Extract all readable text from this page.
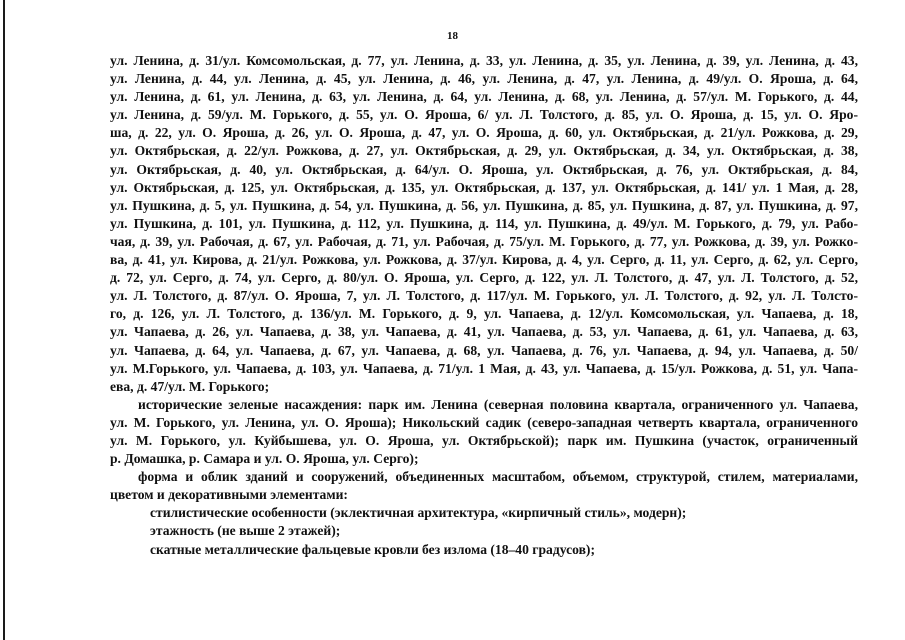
18
ул. Ленина, д. 31/ул. Комсомольская, д. 77, ул. Ленина, д. 33, ул. Ленина, д. 35, ул. Ленина, д. 39, ул. Ленина, д. 43,
ул. Ленина, д. 44, ул. Ленина, д. 45, ул. Ленина, д. 46, ул. Ленина, д. 47, ул. Ленина, д. 49/ул. О. Яроша, д. 64,
ул. Ленина, д. 61, ул. Ленина, д. 63, ул. Ленина, д. 64, ул. Ленина, д. 68, ул. Ленина, д. 57/ул. М. Горького, д. 44,
ул. Ленина, д. 59/ул. М. Горького, д. 55, ул. О. Яроша, 6/ ул. Л. Толстого, д. 85, ул. О. Яроша, д. 15, ул. О. Яро-
ша, д. 22, ул. О. Яроша, д. 26, ул. О. Яроша, д. 47, ул. О. Яроша, д. 60, ул. Октябрьская, д. 21/ул. Рожкова, д. 29,
ул. Октябрьская, д. 22/ул. Рожкова, д. 27, ул. Октябрьская, д. 29, ул. Октябрьская, д. 34, ул. Октябрьская, д. 38,
ул. Октябрьская, д. 40, ул. Октябрьская, д. 64/ул. О. Яроша, ул. Октябрьская, д. 76, ул. Октябрьская, д. 84,
ул. Октябрьская, д. 125, ул. Октябрьская, д. 135, ул. Октябрьская, д. 137, ул. Октябрьская, д. 141/ ул. 1 Мая, д. 28,
ул. Пушкина, д. 5, ул. Пушкина, д. 54, ул. Пушкина, д. 56, ул. Пушкина, д. 85, ул. Пушкина, д. 87, ул. Пушкина, д. 97,
ул. Пушкина, д. 101, ул. Пушкина, д. 112, ул. Пушкина, д. 114, ул. Пушкина, д. 49/ул. М. Горького, д. 79, ул. Рабо-
чая, д. 39, ул. Рабочая, д. 67, ул. Рабочая, д. 71, ул. Рабочая, д. 75/ул. М. Горького, д. 77, ул. Рожкова, д. 39, ул. Рожко-
ва, д. 41, ул. Кирова, д. 21/ул. Рожкова, ул. Рожкова, д. 37/ул. Кирова, д. 4, ул. Серго, д. 11, ул. Серго, д. 62, ул. Серго,
д. 72, ул. Серго, д. 74, ул. Серго, д. 80/ул. О. Яроша, ул. Серго, д. 122, ул. Л. Толстого, д. 47, ул. Л. Толстого, д. 52,
ул. Л. Толстого, д. 87/ул. О. Яроша, 7, ул. Л. Толстого, д. 117/ул. М. Горького, ул. Л. Толстого, д. 92, ул. Л. Толсто-
го, д. 126, ул. Л. Толстого, д. 136/ул. М. Горького, д. 9, ул. Чапаева, д. 12/ул. Комсомольская, ул. Чапаева, д. 18,
ул. Чапаева, д. 26, ул. Чапаева, д. 38, ул. Чапаева, д. 41, ул. Чапаева, д. 53, ул. Чапаева, д. 61, ул. Чапаева, д. 63,
ул. Чапаева, д. 64, ул. Чапаева, д. 67, ул. Чапаева, д. 68, ул. Чапаева, д. 76, ул. Чапаева, д. 94, ул. Чапаева, д. 50/
ул. М.Горького, ул. Чапаева, д. 103, ул. Чапаева, д. 71/ул. 1 Мая, д. 43, ул. Чапаева, д. 15/ул. Рожкова, д. 51, ул. Чапа-
ева, д. 47/ул. М. Горького;
исторические зеленые насаждения: парк им. Ленина (северная половина квартала, ограниченного ул. Чапаева,
ул. М. Горького, ул. Ленина, ул. О. Яроша); Никольский садик (северо-западная четверть квартала, ограниченного
ул. М. Горького, ул. Куйбышева, ул. О. Яроша, ул. Октябрьской); парк им. Пушкина (участок, ограниченный
р. Домашка, р. Самара и ул. О. Яроша, ул. Серго);
форма и облик зданий и сооружений, объединенных масштабом, объемом, структурой, стилем, материалами,
цветом и декоративными элементами:
стилистические особенности (эклектичная архитектура, «кирпичный стиль», модерн);
этажность (не выше 2 этажей);
скатные металлические фальцевые кровли без излома (18–40 градусов);
